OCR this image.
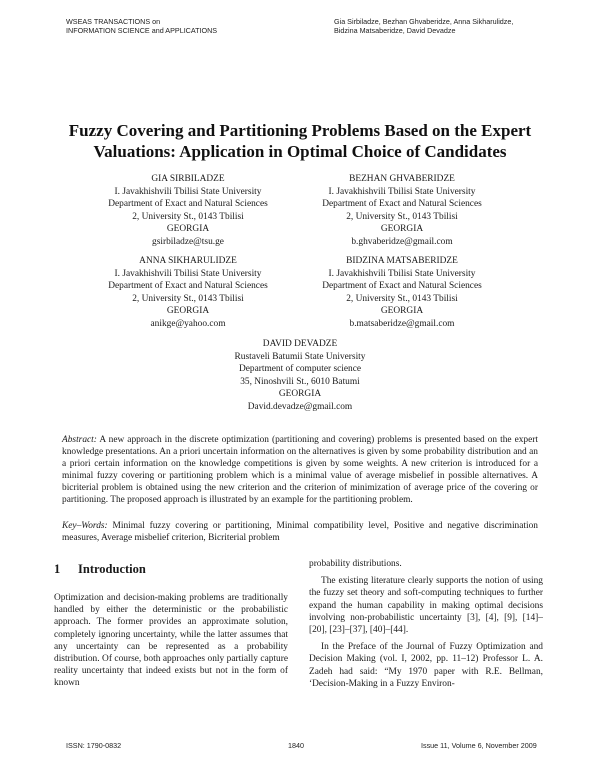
WSEAS TRANSACTIONS on
INFORMATION SCIENCE and APPLICATIONS
Gia Sirbiladze, Bezhan Ghvaberidze, Anna Sikharulidze,
Bidzina Matsaberidze, David Devadze
Fuzzy Covering and Partitioning Problems Based on the Expert
Valuations: Application in Optimal Choice of Candidates
GIA SIRBILADZE
I. Javakhishvili Tbilisi State University
Department of Exact and Natural Sciences
2, University St., 0143 Tbilisi
GEORGIA
gsirbiladze@tsu.ge
BEZHAN GHVABERIDZE
I. Javakhishvili Tbilisi State University
Department of Exact and Natural Sciences
2, University St., 0143 Tbilisi
GEORGIA
b.ghvaberidze@gmail.com
ANNA SIKHARULIDZE
I. Javakhishvili Tbilisi State University
Department of Exact and Natural Sciences
2, University St., 0143 Tbilisi
GEORGIA
anikge@yahoo.com
BIDZINA MATSABERIDZE
I. Javakhishvili Tbilisi State University
Department of Exact and Natural Sciences
2, University St., 0143 Tbilisi
GEORGIA
b.matsaberidze@gmail.com
DAVID DEVADZE
Rustaveli Batumii State University
Department of computer science
35, Ninoshvili St., 6010 Batumi
GEORGIA
David.devadze@gmail.com
Abstract: A new approach in the discrete optimization (partitioning and covering) problems is presented based on the expert knowledge presentations. An a priori uncertain information on the alternatives is given by some probability distribution and an a priori certain information on the knowledge competitions is given by some weights. A new criterion is introduced for a minimal fuzzy covering or partitioning problem which is a minimal value of average misbelief in possible alternatives. A bicriterial problem is obtained using the new criterion and the criterion of minimization of average price of the covering or partitioning. The proposed approach is illustrated by an example for the partitioning problem.
Key–Words: Minimal fuzzy covering or partitioning, Minimal compatibility level, Positive and negative discrimination measures, Average misbelief criterion, Bicriterial problem
1 Introduction

Optimization and decision-making problems are traditionally handled by either the deterministic or the probabilistic approach. The former provides an approximate solution, completely ignoring uncertainty, while the latter assumes that any uncertainty can be represented as a probability distribution. Of course, both approaches only partially capture reality uncertainty that indeed exists but not in the form of known

probability distributions.

The existing literature clearly supports the notion of using the fuzzy set theory and soft-computing techniques to further expand the human capability in making optimal decisions involving non-probabilistic uncertainty [3], [4], [9], [14]–[20], [23]–[37], [40]–[44].

In the Preface of the Journal of Fuzzy Optimization and Decision Making (vol. I, 2002, pp. 11–12) Professor L. A. Zadeh had said: “My 1970 paper with R.E. Bellman, ‘Decision-Making in a Fuzzy Environ-

ISSN: 1790-0832	1840	Issue 11, Volume 6, November 2009
